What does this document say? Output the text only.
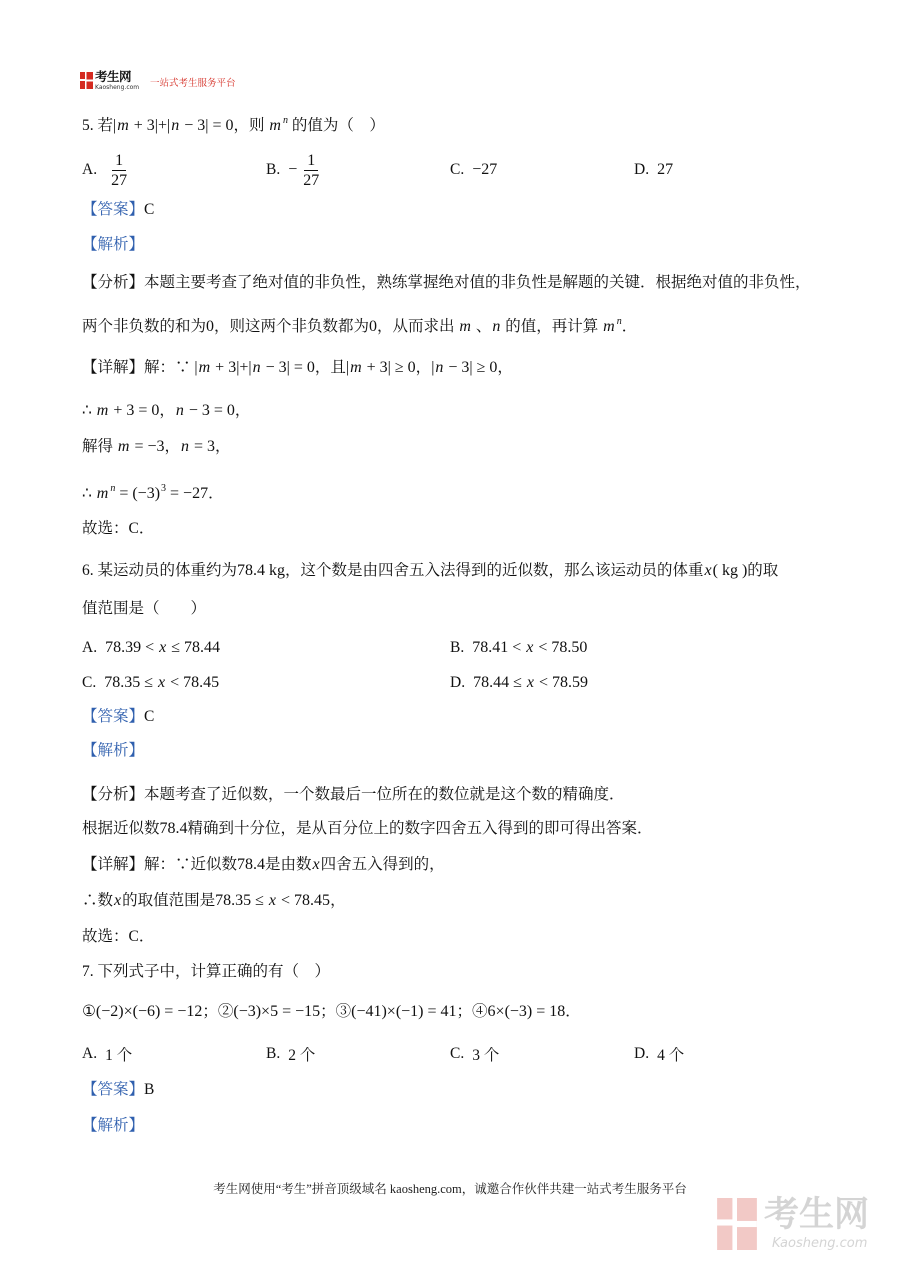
考生网
Kaosheng.com 一站式考生服务平台
5. 若|m + 3|+|n − 3| = 0，则 m $^n$ 的值为（　）
A. $\frac{1}{27}$	B. − $\frac{1}{27}$	C. −27	D. 27
【答案】C
【解析】
【分析】本题主要考查了绝对值的非负性，熟练掌握绝对值的非负性是解题的关键．根据绝对值的非负性，
两个非负数的和为0，则这两个非负数都为0，从而求出 m 、n 的值，再计算 m $^n$．
【详解】解：∵ |m + 3|+|n − 3| = 0，且|m + 3| ≥ 0，|n − 3| ≥ 0，
∴ m + 3 = 0，n − 3 = 0，
解得 m = −3，n = 3，
∴ m $^n = (-3)^3 = -27$．
故选：C．
6. 某运动员的体重约为78.4 kg，这个数是由四舍五入法得到的近似数，那么该运动员的体重x( kg )的取
值范围是（　　）
A. 78.39 < x ≤ 78.44	B. 78.41 < x < 78.50
C. 78.35 ≤ x < 78.45	D. 78.44 ≤ x < 78.59
【答案】C
【解析】
【分析】本题考查了近似数，一个数最后一位所在的数位就是这个数的精确度．
根据近似数78.4精确到十分位，是从百分位上的数字四舍五入得到的即可得出答案．
【详解】解：∵近似数78.4是由数x四舍五入得到的，
∴数x的取值范围是78.35 ≤ x < 78.45，
故选：C．
7. 下列式子中，计算正确的有（　）
①(−2)×(−6) = −12；②(−3)×5 = −15；③(−41)×(−1) = 41；④6×(−3) = 18．
A. 1 个	B. 2 个	C. 3 个	D. 4 个
【答案】B
【解析】
考生网使用“考生”拼音顶级域名 kaosheng.com，诚邀合作伙伴共建一站式考生服务平台
考生网
Kaosheng.com
